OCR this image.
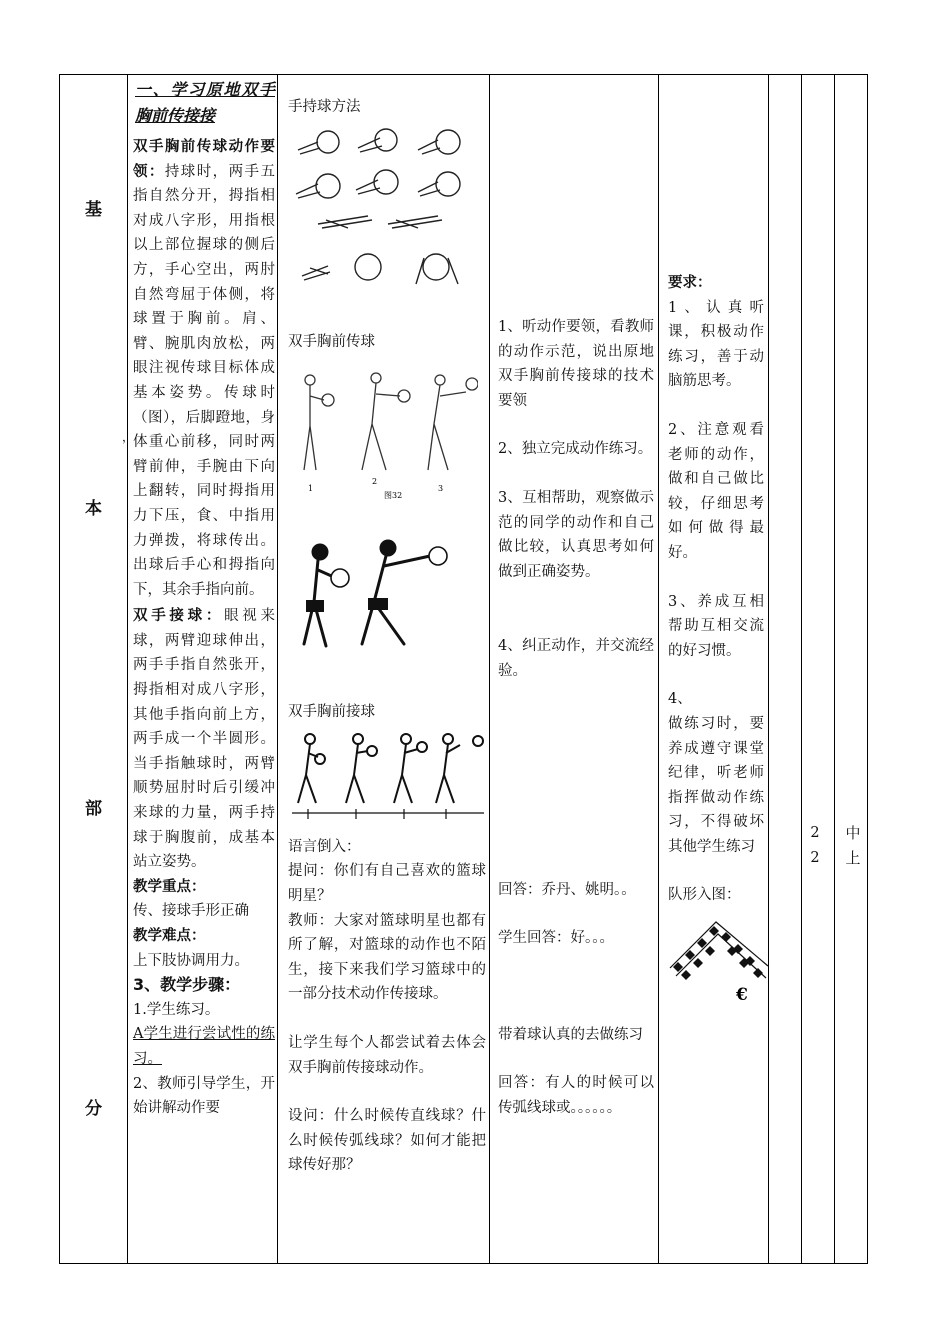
基
本
部
分
一、学习原地双手胸前传接接
双手胸前传球动作要领：持球时，两手五指自然分开，拇指相对成八字形，用指根以上部位握球的侧后方，手心空出，两肘自然弯屈于体侧，将球置于胸前。肩、臂、腕肌肉放松，两眼注视传球目标体成　　基本姿势。传球时（图），后脚蹬地，身体重心前移，同时两臂前伸，手腕由下向上翻转，同时拇指用力下压，食、中指用力弹拨，将球传出。出球后手心和拇指向下，其余手指向前。
双手接球：眼视来球，两臂迎球伸出，两手手指自然张开，拇指相对成八字形，其他手指向前上方，两手成一个半圆形。当手指触球时，两臂顺势屈肘时后引缓冲来球的力量，两手持球于胸腹前，成基本站立姿势。
教学重点：
传、接球手形正确
教学难点：
上下肢协调用力。
3、教学步骤：
1.学生练习。
A学生进行尝试性的练习。
2、教师引导学生，开始讲解动作要
手持球方法
双手胸前传球
1
2
3
图32
双手胸前接球
语言倒入：
提问：你们有自己喜欢的篮球明星？
教师：大家对篮球明星也都有所了解，对篮球的动作也不陌生，接下来我们学习篮球中的一部分技术动作传接球。
让学生每个人都尝试着去体会双手胸前传接球动作。
设问：什么时候传直线球？什么时候传弧线球？如何才能把球传好那？
1、听动作要领，看教师的动作示范，说出原地双手胸前传接球的技术要领
2、独立完成动作练习。
3、互相帮助，观察做示范的同学的动作和自己做比较，认真思考如何做到正确姿势。
4、纠正动作，并交流经验。
回答：乔丹、姚明。。
学生回答：好。。。
带着球认真的去做练习
回答：有人的时候可以传弧线球或。。。。。。
要求：
1、认真听课，积极动作练习，善于动脑筋思考。
2、注意观看老师的动作，做和自己做比较，仔细思考如何做得最好。
3、养成互相帮助互相交流的好习惯。
4、
做练习时，要养成遵守课堂纪律，听老师指挥做动作练习，不得破坏其他学生练习
队形入图：
€
2
2
中
上
，
